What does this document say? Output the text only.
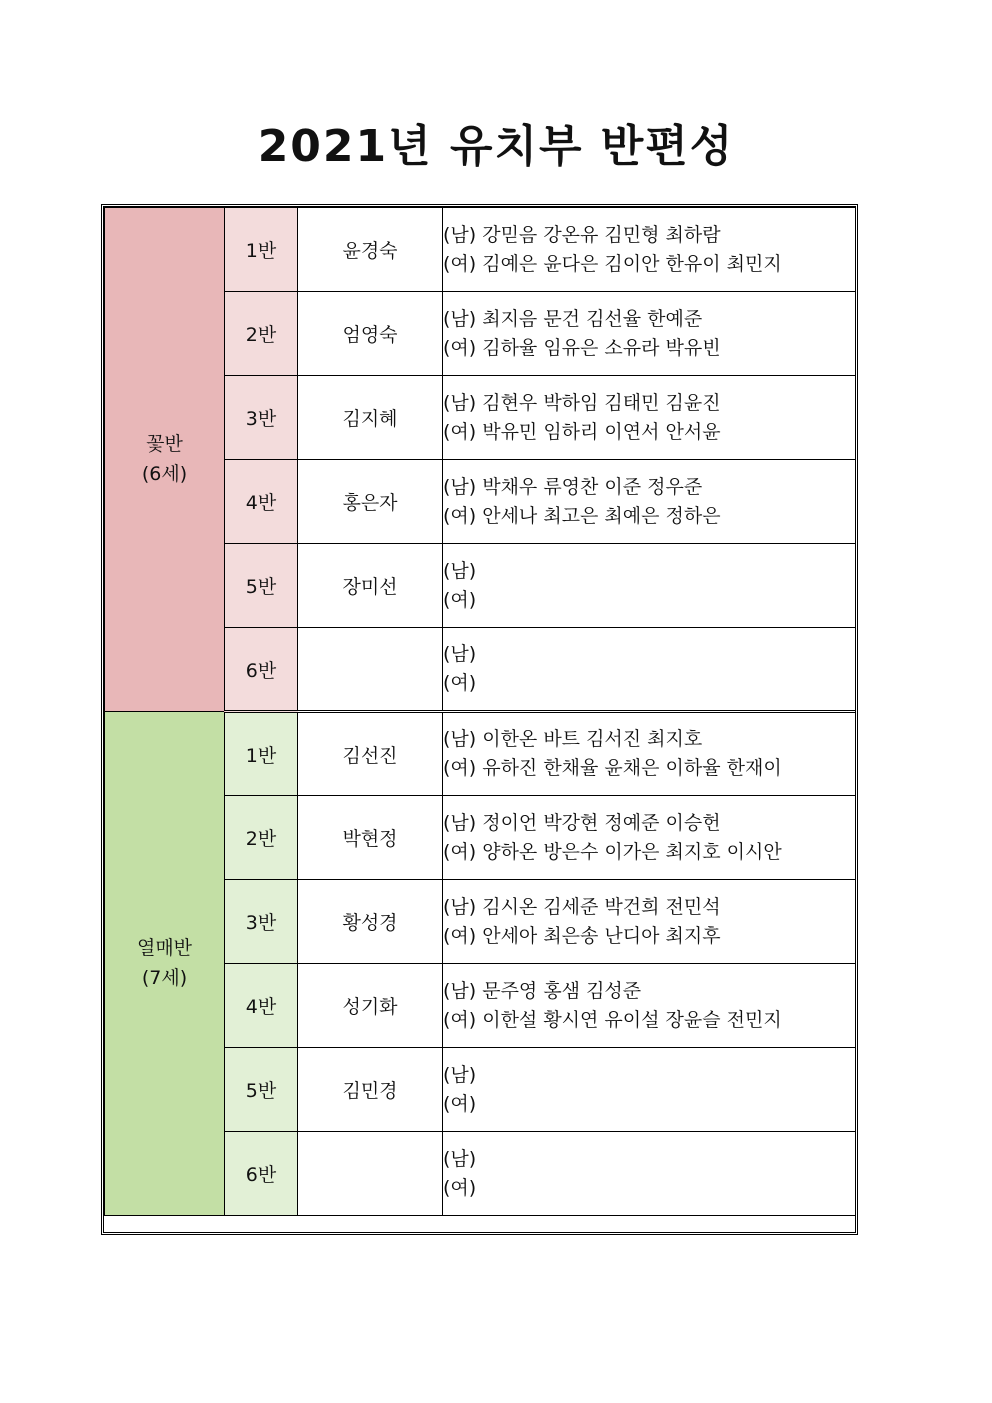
2021년 유치부 반편성
꽃반
(6세)	1반	윤경숙	(남) 강믿음 강온유 김민형 최하람
(여) 김예은 윤다은 김이안 한유이 최민지

	2반	엄영숙	(남) 최지음 문건 김선율 한예준
(여) 김하율 임유은 소유라 박유빈

	3반	김지혜	(남) 김현우 박하임 김태민 김윤진
(여) 박유민 임하리 이연서 안서윤

	4반	홍은자	(남) 박채우 류영찬 이준 정우준
(여) 안세나 최고은 최예은 정하은

	5반	장미선	(남)
(여)

	6반		(남)
(여)

열매반
(7세)	1반	김선진	(남) 이한온 바트 김서진 최지호
(여) 유하진 한채율 윤채은 이하율 한재이

	2반	박현정	(남) 정이언 박강현 정예준 이승헌
(여) 양하온 방은수 이가은 최지호 이시안

	3반	황성경	(남) 김시온 김세준 박건희 전민석
(여) 안세아 최은송 난디아 최지후

	4반	성기화	(남) 문주영 홍샘 김성준
(여) 이한설 황시연 유이설 장윤슬 전민지

	5반	김민경	(남)
(여)

	6반		(남)
(여)
